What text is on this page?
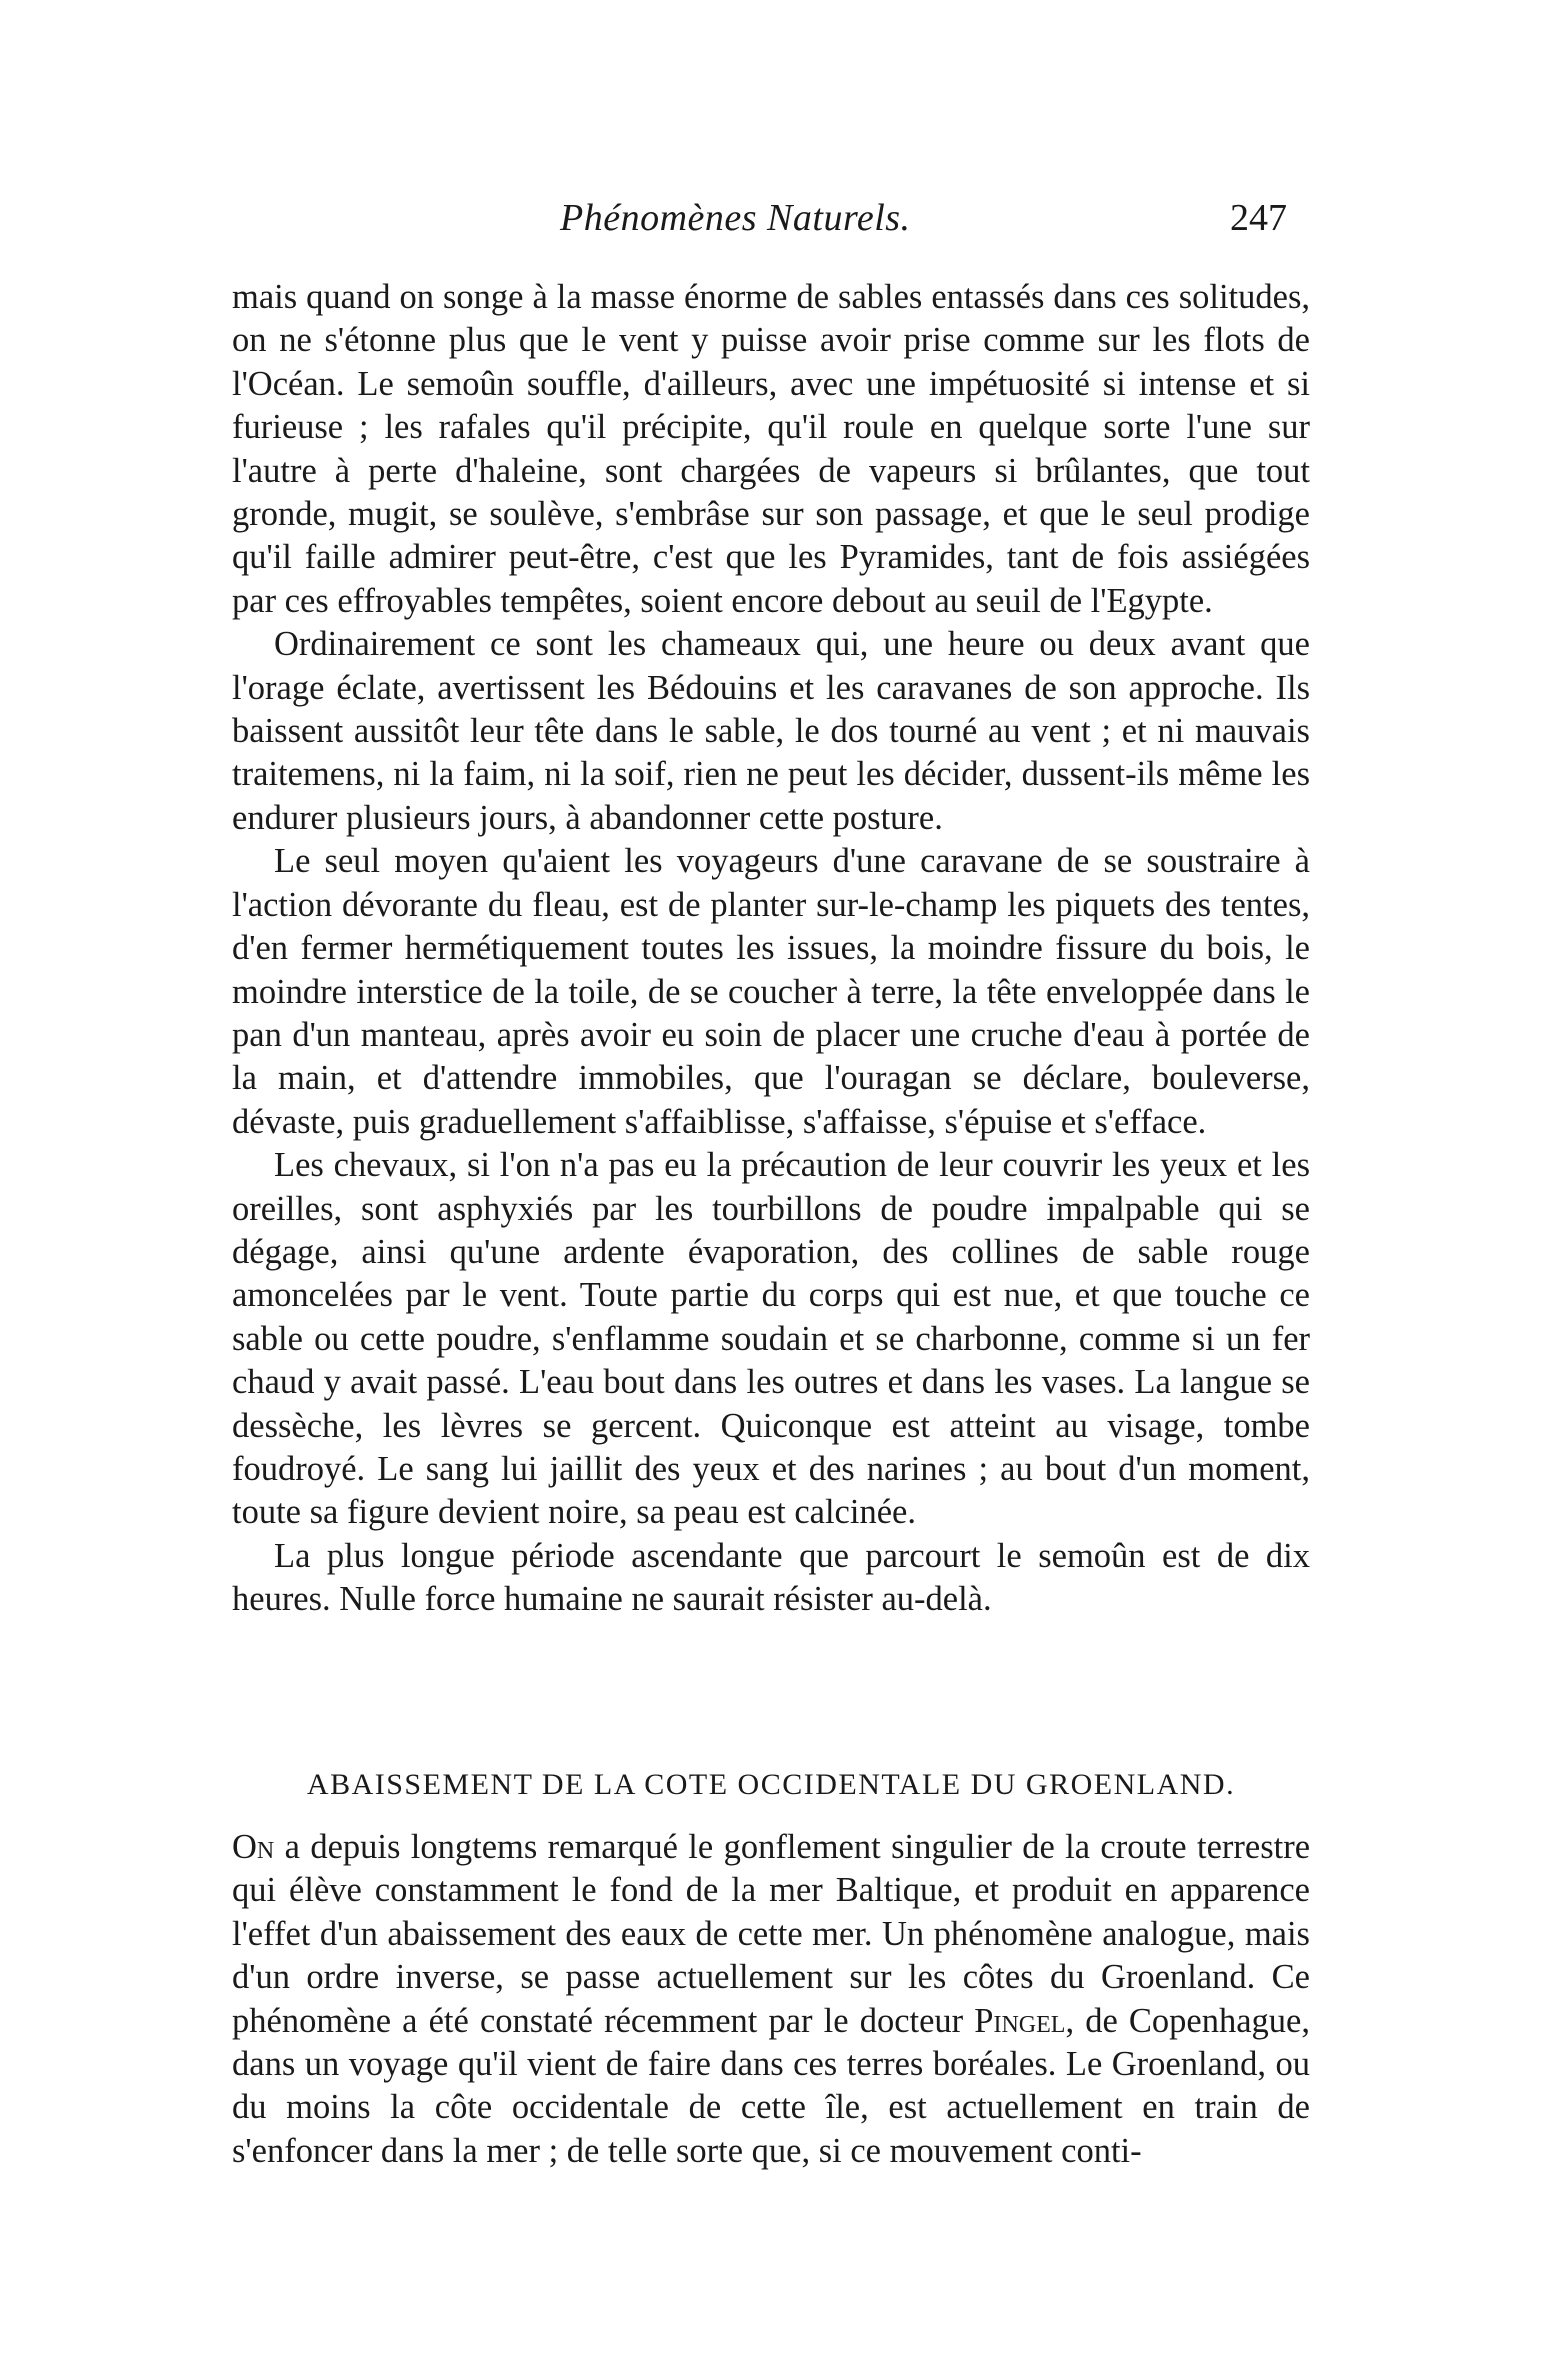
Phénomènes Naturels.	247

mais quand on songe à la masse énorme de sables entassés dans ces solitudes, on ne s'étonne plus que le vent y puisse avoir prise comme sur les flots de l'Océan. Le semoûn souffle, d'ailleurs, avec une impétuosité si intense et si furieuse ; les rafales qu'il précipite, qu'il roule en quelque sorte l'une sur l'autre à perte d'haleine, sont chargées de vapeurs si brûlantes, que tout gronde, mugit, se soulève, s'embrâse sur son passage, et que le seul prodige qu'il faille admirer peut-être, c'est que les Pyramides, tant de fois assiégées par ces effroyables tempêtes, soient encore debout au seuil de l'Egypte.

Ordinairement ce sont les chameaux qui, une heure ou deux avant que l'orage éclate, avertissent les Bédouins et les caravanes de son approche. Ils baissent aussitôt leur tête dans le sable, le dos tourné au vent ; et ni mauvais traitemens, ni la faim, ni la soif, rien ne peut les décider, dussent-ils même les endurer plusieurs jours, à abandonner cette posture.

Le seul moyen qu'aient les voyageurs d'une caravane de se soustraire à l'action dévorante du fleau, est de planter sur-le-champ les piquets des tentes, d'en fermer hermétiquement toutes les issues, la moindre fissure du bois, le moindre interstice de la toile, de se coucher à terre, la tête enveloppée dans le pan d'un manteau, après avoir eu soin de placer une cruche d'eau à portée de la main, et d'attendre immobiles, que l'ouragan se déclare, bouleverse, dévaste, puis graduellement s'affaiblisse, s'affaisse, s'épuise et s'efface.

Les chevaux, si l'on n'a pas eu la précaution de leur couvrir les yeux et les oreilles, sont asphyxiés par les tourbillons de poudre impalpable qui se dégage, ainsi qu'une ardente évaporation, des collines de sable rouge amoncelées par le vent. Toute partie du corps qui est nue, et que touche ce sable ou cette poudre, s'enflamme soudain et se charbonne, comme si un fer chaud y avait passé. L'eau bout dans les outres et dans les vases. La langue se dessèche, les lèvres se gercent. Quiconque est atteint au visage, tombe foudroyé. Le sang lui jaillit des yeux et des narines ; au bout d'un moment, toute sa figure devient noire, sa peau est calcinée.

La plus longue période ascendante que parcourt le semoûn est de dix heures. Nulle force humaine ne saurait résister au-delà.

ABAISSEMENT DE LA COTE OCCIDENTALE DU GROENLAND.

On a depuis longtems remarqué le gonflement singulier de la croute terrestre qui élève constamment le fond de la mer Baltique, et produit en apparence l'effet d'un abaissement des eaux de cette mer. Un phénomène analogue, mais d'un ordre inverse, se passe actuellement sur les côtes du Groenland. Ce phénomène a été constaté récemment par le docteur Pingel, de Copenhague, dans un voyage qu'il vient de faire dans ces terres boréales. Le Groenland, ou du moins la côte occidentale de cette île, est actuellement en train de s'enfoncer dans la mer ; de telle sorte que, si ce mouvement conti-
